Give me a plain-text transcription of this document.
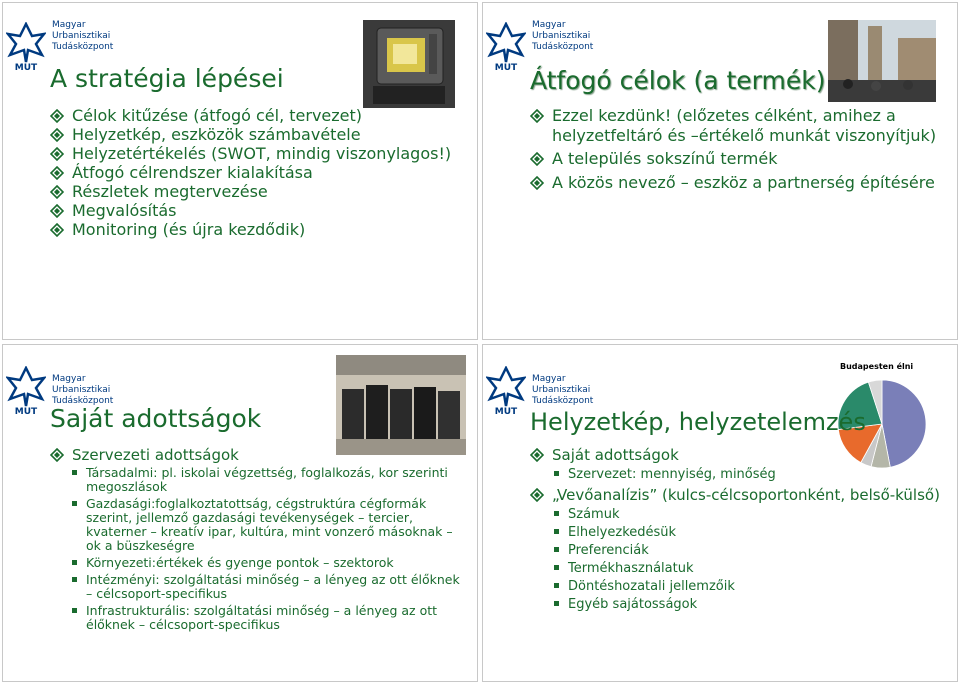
MUT
Magyar
Urbanisztikai
Tudásközpont
A stratégia lépései
Célok kitűzése (átfogó cél, tervezet)
Helyzetkép, eszközök számbavétele
Helyzetértékelés (SWOT, mindig viszonylagos!)
Átfogó célrendszer kialakítása
Részletek megtervezése
Megvalósítás
Monitoring (és újra kezdődik)
MUT
Magyar
Urbanisztikai
Tudásközpont
Átfogó célok (a termék)
Ezzel kezdünk! (előzetes célként, amihez a helyzetfeltáró és –értékelő munkát viszonyítjuk)
A település sokszínű termék
A közös nevező – eszköz a partnerség építésére
MUT
Magyar
Urbanisztikai
Tudásközpont
Saját adottságok
Szervezeti adottságok
Társadalmi: pl. iskolai végzettség, foglalkozás, kor szerinti megoszlások
Gazdasági:foglalkoztatottság, cégstruktúra cégformák szerint, jellemző gazdasági tevékenységek – tercier, kvaterner – kreatív ipar, kultúra, mint vonzerő másoknak – ok a büszkeségre
Környezeti:értékek és gyenge pontok – szektorok
Intézményi: szolgáltatási minőség – a lényeg az ott élőknek – célcsoport-specifikus
Infrastrukturális: szolgáltatási minőség – a lényeg az ott élőknek – célcsoport-specifikus
MUT
Magyar
Urbanisztikai
Tudásközpont
Budapesten élni
Helyzetkép, helyzetelemzés
Saját adottságok
Szervezet: mennyiség, minőség
„Vevőanalízis” (kulcs-célcsoportonként, belső-külső)
Számuk
Elhelyezkedésük
Preferenciák
Termékhasználatuk
Döntéshozatali jellemzőik
Egyéb sajátosságok
